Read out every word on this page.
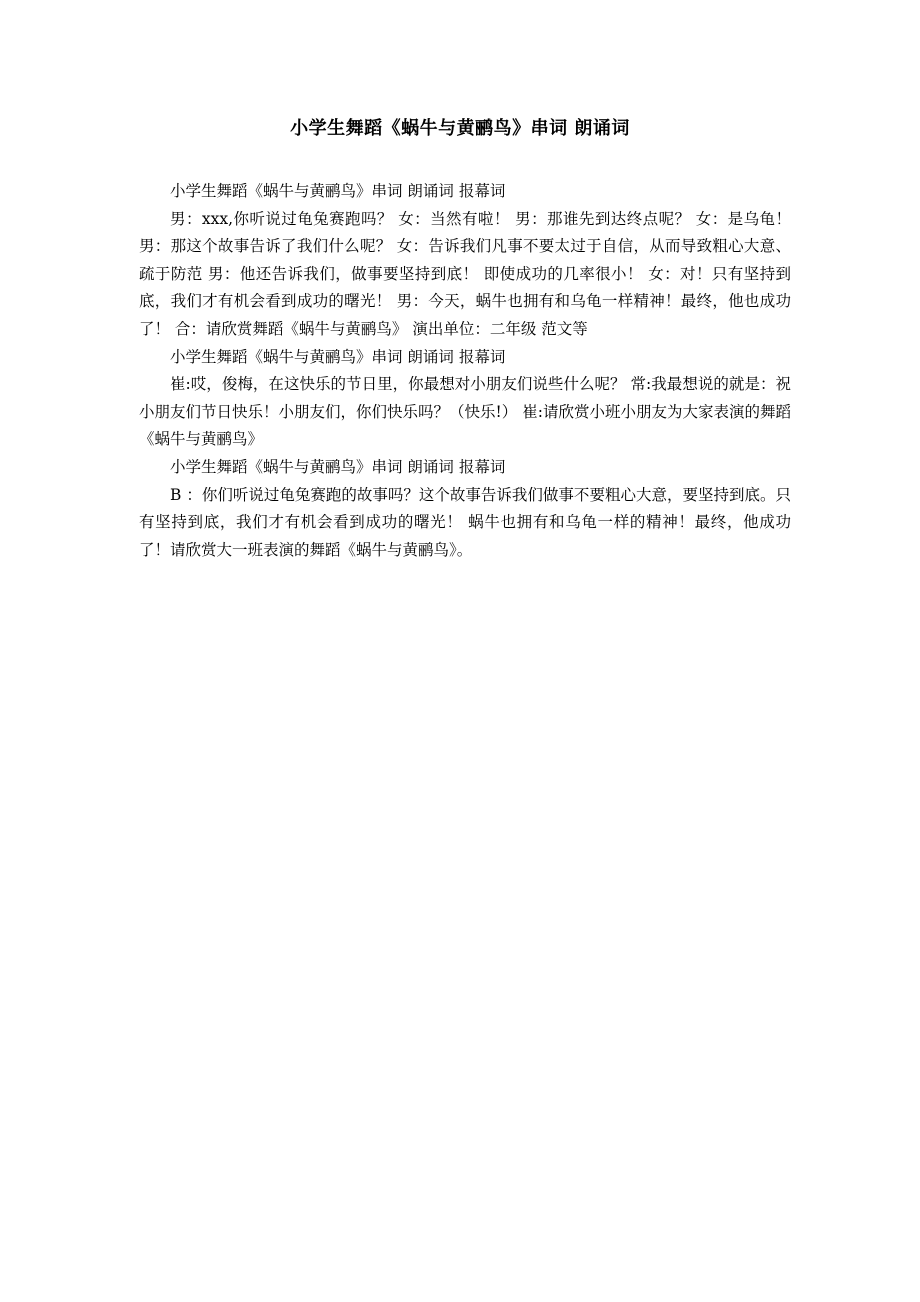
小学生舞蹈《蜗牛与黄鹂鸟》串词 朗诵词

小学生舞蹈《蜗牛与黄鹂鸟》串词 朗诵词 报幕词

男：xxx,你听说过龟兔赛跑吗？ 女：当然有啦！ 男：那谁先到达终点呢？ 女：是乌龟！ 男：那这个故事告诉了我们什么呢？ 女：告诉我们凡事不要太过于自信，从而导致粗心大意、疏于防范 男：他还告诉我们，做事要坚持到底！ 即使成功的几率很小！ 女：对！只有坚持到底，我们才有机会看到成功的曙光！ 男：今天，蜗牛也拥有和乌龟一样精神！最终，他也成功了！ 合：请欣赏舞蹈《蜗牛与黄鹂鸟》 演出单位：二年级 范文等

小学生舞蹈《蜗牛与黄鹂鸟》串词 朗诵词 报幕词

崔:哎，俊梅，在这快乐的节日里，你最想对小朋友们说些什么呢？ 常:我最想说的就是：祝小朋友们节日快乐！小朋友们，你们快乐吗？（快乐!） 崔:请欣赏小班小朋友为大家表演的舞蹈《蜗牛与黄鹂鸟》

小学生舞蹈《蜗牛与黄鹂鸟》串词 朗诵词 报幕词

B ：你们听说过龟兔赛跑的故事吗？这个故事告诉我们做事不要粗心大意，要坚持到底。只有坚持到底，我们才有机会看到成功的曙光！ 蜗牛也拥有和乌龟一样的精神！最终，他成功了！请欣赏大一班表演的舞蹈《蜗牛与黄鹂鸟》。
